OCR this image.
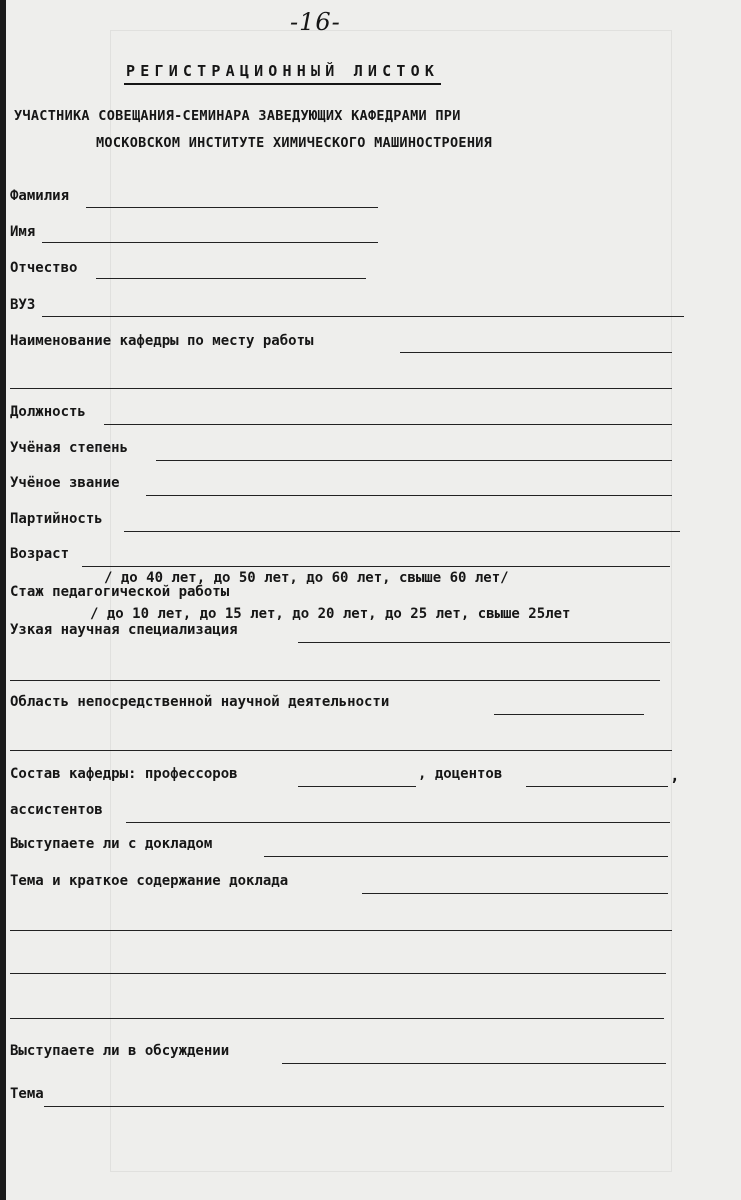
-16-
РЕГИСТРАЦИОННЫЙ ЛИСТОК
УЧАСТНИКА СОВЕЩАНИЯ-СЕМИНАРА ЗАВЕДУЮЩИХ КАФЕДРАМИ ПРИ
МОСКОВСКОМ ИНСТИТУТЕ ХИМИЧЕСКОГО МАШИНОСТРОЕНИЯ
Фамилия
Имя
Отчество
ВУЗ
Наименование кафедры по месту работы
Должность
Учёная степень
Учёное звание
Партийность
Возраст
/ до 40 лет, до 50 лет, до 60 лет, свыше 60 лет/
Стаж педагогической работы
/ до 10 лет, до 15 лет, до 20 лет, до 25 лет, свыше 25лет
Узкая научная специализация
Область непосредственной научной деятельности
Состав кафедры: профессоров	, доцентов	,
ассистентов
Выступаете ли с докладом
Тема и краткое содержание доклада
Выступаете ли в обсуждении
Тема
